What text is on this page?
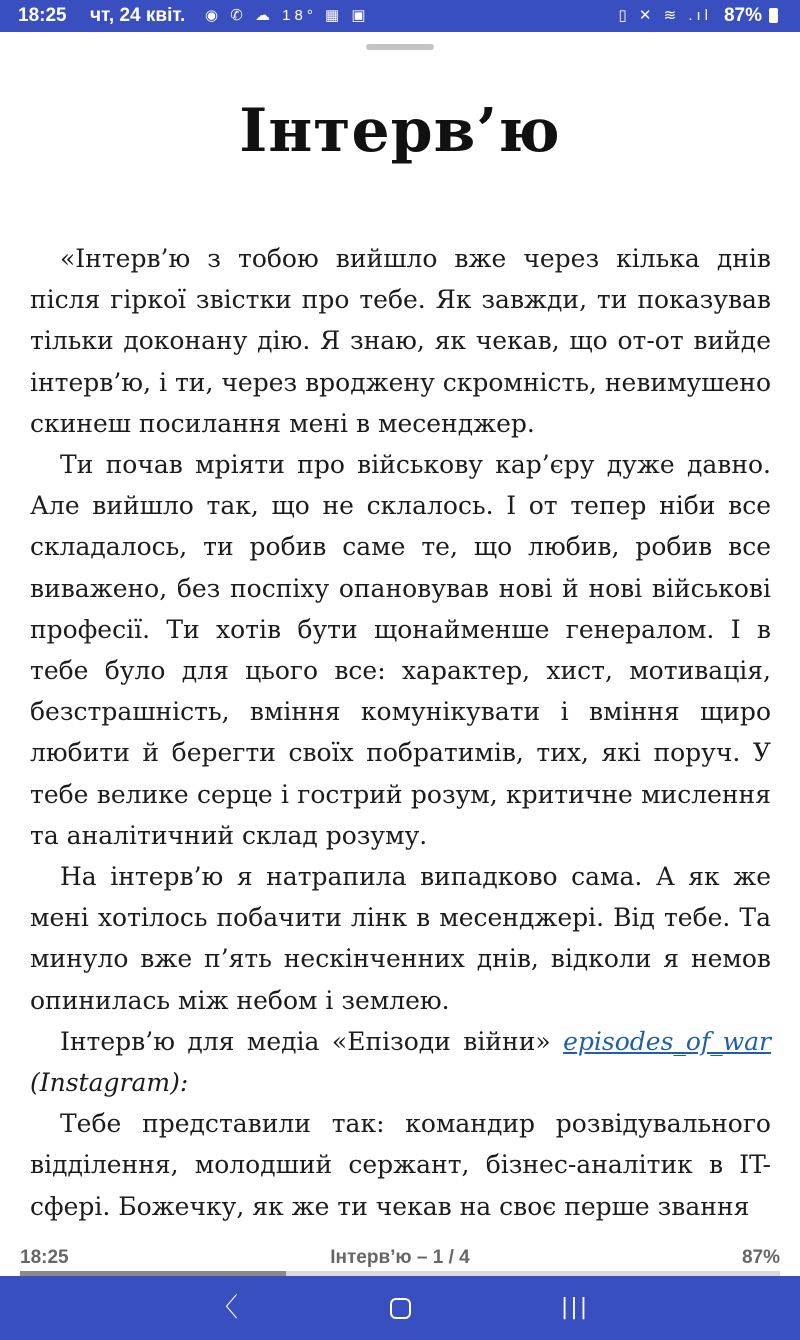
18:25 чт, 24 квіт. ◉ ✆ ☁ 18° ▦ ▣	▯ ✕ ≋ .ıl 87%
Інтерв’ю

«Інтерв’ю з тобою вийшло вже через кілька днів після гіркої звістки про тебе. Як завжди, ти показував тільки доконану дію. Я знаю, як чекав, що от-от вийде інтерв’ю, і ти, через вроджену скромність, невимушено скинеш посилання мені в месенджер.

Ти почав мріяти про військову кар’єру дуже давно. Але вийшло так, що не склалось. І от тепер ніби все складалось, ти робив саме те, що любив, робив все виважено, без поспіху опановував нові й нові військові професії. Ти хотів бути щонайменше генералом. І в тебе було для цього все: характер, хист, мотивація, безстрашність, вміння комунікувати і вміння щиро любити й берегти своїх побратимів, тих, які поруч. У тебе велике серце і гострий розум, критичне мислення та аналітичний склад розуму.

На інтерв’ю я натрапила випадково сама. А як же мені хотілось побачити лінк в месенджері. Від тебе. Та минуло вже п’ять нескінченних днів, відколи я немов опинилась між небом і землею.

Інтерв’ю для медіа «Епізоди війни» episodes_of_war (Instagram):

Тебе представили так: командир розвідувального відділення, молодший сержант, бізнес-аналітик в IT-сфері. Божечку, як же ти чекав на своє перше звання

18:25	Інтерв’ю – 1 / 4	87%
〈	|||
